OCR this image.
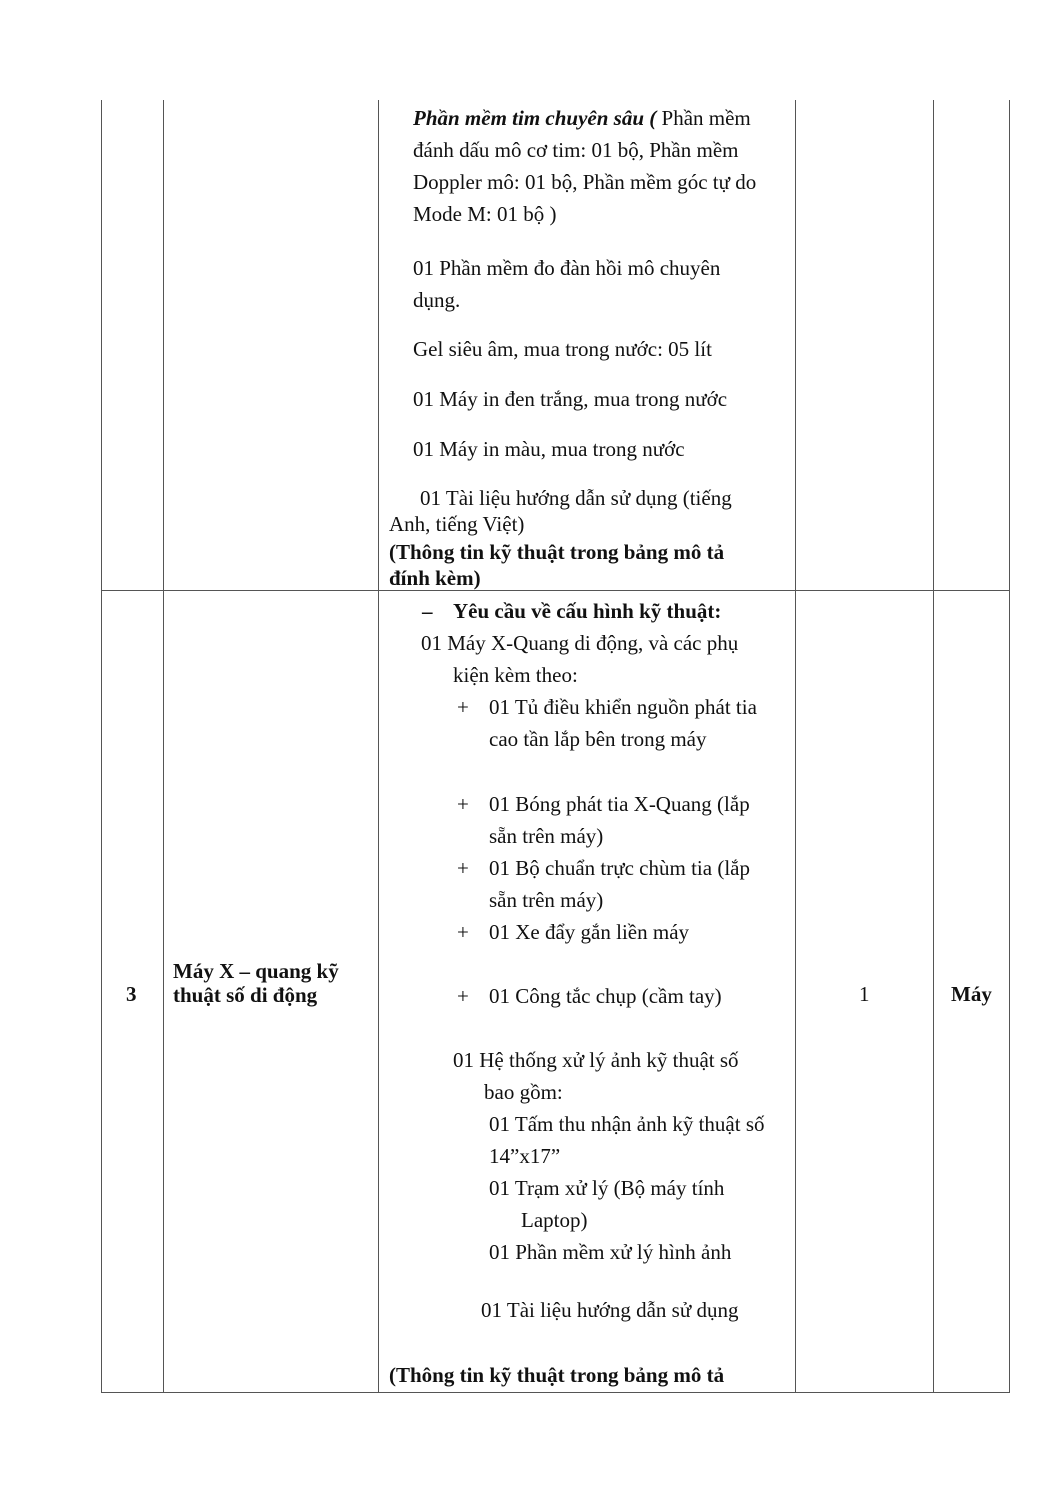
Phần mềm tim chuyên sâu ( Phần mềm
đánh dấu mô cơ tim: 01 bộ, Phần mềm
Doppler mô: 01 bộ, Phần mềm góc tự do
Mode M: 01 bộ )
01 Phần mềm đo đàn hồi mô chuyên
dụng.
Gel siêu âm, mua trong nước: 05 lít
01 Máy in đen trắng, mua trong nước
01 Máy in màu, mua trong nước
01 Tài liệu hướng dẫn sử dụng (tiếng
Anh, tiếng Việt)
(Thông tin kỹ thuật trong bảng mô tả
đính kèm)
3
Máy X – quang kỹ
thuật số di động	1	Máy
– Yêu cầu về cấu hình kỹ thuật:
01 Máy X-Quang di động, và các phụ
kiện kèm theo:
+ 01 Tủ điều khiển nguồn phát tia
cao tần lắp bên trong máy
+ 01 Bóng phát tia X-Quang (lắp
sẵn trên máy)
+ 01 Bộ chuẩn trực chùm tia (lắp
sẵn trên máy)
+ 01 Xe đẩy gắn liền máy
+ 01 Công tắc chụp (cầm tay)
01 Hệ thống xử lý ảnh kỹ thuật số
bao gồm:
01 Tấm thu nhận ảnh kỹ thuật số
14”x17”
01 Trạm xử lý (Bộ máy tính
Laptop)
01 Phần mềm xử lý hình ảnh
01 Tài liệu hướng dẫn sử dụng
(Thông tin kỹ thuật trong bảng mô tả
